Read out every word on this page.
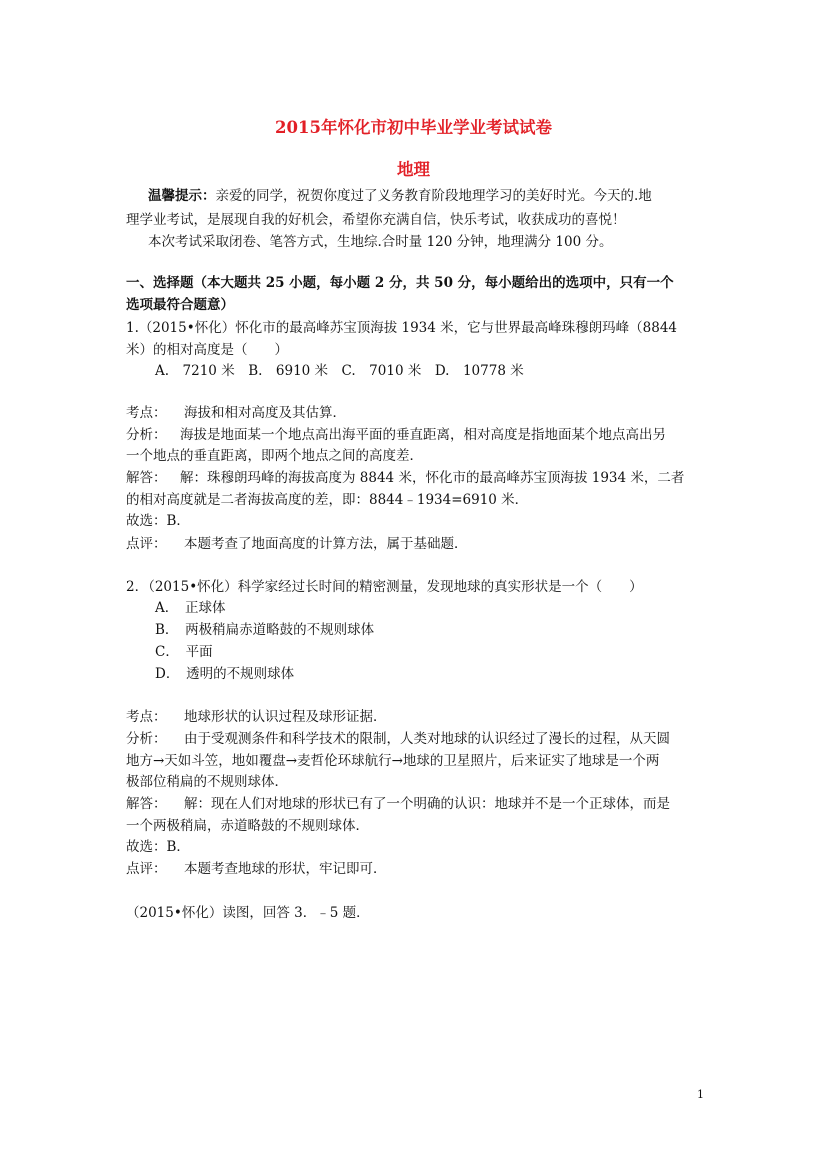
2015年怀化市初中毕业学业考试试卷
地理
温馨提示：亲爱的同学，祝贺你度过了义务教育阶段地理学习的美好时光。今天的.地
理学业考试，是展现自我的好机会，希望你充满自信，快乐考试，收获成功的喜悦！
本次考试采取闭卷、笔答方式，生地综.合时量 120 分钟，地理满分 100 分。
一、选择题（本大题共 25 小题，每小题 2 分，共 50 分，每小题给出的选项中，只有一个
选项最符合题意）
1.（2015•怀化）怀化市的最高峰苏宝顶海拔 1934 米，它与世界最高峰珠穆朗玛峰（8844
米）的相对高度是（　　）
A.　7210 米　B.　6910 米　C.　7010 米　D.　10778 米
考点： 海拔和相对高度及其估算．
分析： 海拔是地面某一个地点高出海平面的垂直距离，相对高度是指地面某个地点高出另
一个地点的垂直距离，即两个地点之间的高度差．
解答： 解：珠穆朗玛峰的海拔高度为 8844 米，怀化市的最高峰苏宝顶海拔 1934 米，二者
的相对高度就是二者海拔高度的差，即：8844﹣1934=6910 米．
故选：B．
点评： 本题考查了地面高度的计算方法，属于基础题．
2．（2015•怀化）科学家经过长时间的精密测量，发现地球的真实形状是一个（　　）
A．　正球体
B．　两极稍扁赤道略鼓的不规则球体
C．　平面
D．　透明的不规则球体
考点： 地球形状的认识过程及球形证据．
分析： 由于受观测条件和科学技术的限制，人类对地球的认识经过了漫长的过程，从天圆
地方→天如斗笠，地如覆盘→麦哲伦环球航行→地球的卫星照片，后来证实了地球是一个两
极部位稍扁的不规则球体．
解答： 解：现在人们对地球的形状已有了一个明确的认识：地球并不是一个正球体，而是
一个两极稍扁，赤道略鼓的不规则球体．
故选：B．
点评： 本题考查地球的形状，牢记即可．
（2015•怀化）读图，回答 3．﹣5 题．
1
